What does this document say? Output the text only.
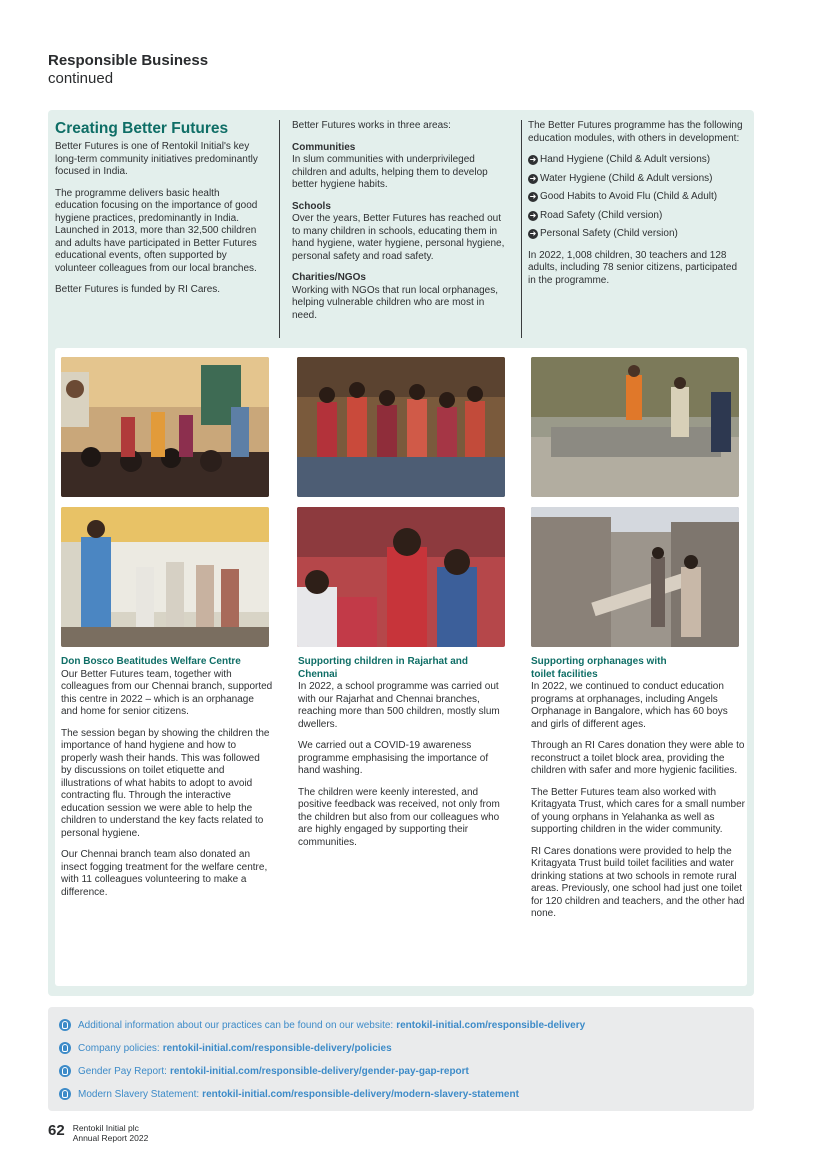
Responsible Business
continued
Creating Better Futures

Better Futures is one of Rentokil Initial's key long-term community initiatives predominantly focused in India.

The programme delivers basic health education focusing on the importance of good hygiene practices, predominantly in India. Launched in 2013, more than 32,500 children and adults have participated in Better Futures educational events, often supported by volunteer colleagues from our local branches.

Better Futures is funded by RI Cares.

Better Futures works in three areas:

Communities

In slum communities with underprivileged children and adults, helping them to develop better hygiene habits.

Schools

Over the years, Better Futures has reached out to many children in schools, educating them in hand hygiene, water hygiene, personal hygiene, personal safety and road safety.

Charities/NGOs

Working with NGOs that run local orphanages, helping vulnerable children who are most in need.

The Better Futures programme has the following education modules, with others in development:

➜ Hand Hygiene (Child & Adult versions)
➜ Water Hygiene (Child & Adult versions)
➜ Good Habits to Avoid Flu (Child & Adult)
➜ Road Safety (Child version)
➜ Personal Safety (Child version)

In 2022, 1,008 children, 30 teachers and 128 adults, including 78 senior citizens, participated in the programme.

Don Bosco Beatitudes Welfare Centre

Our Better Futures team, together with colleagues from our Chennai branch, supported this centre in 2022 – which is an orphanage and home for senior citizens.

The session began by showing the children the importance of hand hygiene and how to properly wash their hands. This was followed by discussions on toilet etiquette and illustrations of what habits to adopt to avoid contracting flu. Through the interactive education session we were able to help the children to understand the key facts related to personal hygiene.

Our Chennai branch team also donated an insect fogging treatment for the welfare centre, with 11 colleagues volunteering to make a difference.

Supporting children in Rajarhat and Chennai

In 2022, a school programme was carried out with our Rajarhat and Chennai branches, reaching more than 500 children, mostly slum dwellers.

We carried out a COVID-19 awareness programme emphasising the importance of hand washing.

The children were keenly interested, and positive feedback was received, not only from the children but also from our colleagues who are highly engaged by supporting their communities.

Supporting orphanages with toilet facilities

In 2022, we continued to conduct education programs at orphanages, including Angels Orphanage in Bangalore, which has 60 boys and girls of different ages.

Through an RI Cares donation they were able to reconstruct a toilet block area, providing the children with safer and more hygienic facilities.

The Better Futures team also worked with Kritagyata Trust, which cares for a small number of young orphans in Yelahanka as well as supporting children in the wider community.

RI Cares donations were provided to help the Kritagyata Trust build toilet facilities and water drinking stations at two schools in remote rural areas. Previously, one school had just one toilet for 120 children and teachers, and the other had none.

Additional information about our practices can be found on our website: rentokil-initial.com/responsible-delivery
Company policies: rentokil-initial.com/responsible-delivery/policies
Gender Pay Report: rentokil-initial.com/responsible-delivery/gender-pay-gap-report
Modern Slavery Statement: rentokil-initial.com/responsible-delivery/modern-slavery-statement
62 Rentokil Initial plc
Annual Report 2022
